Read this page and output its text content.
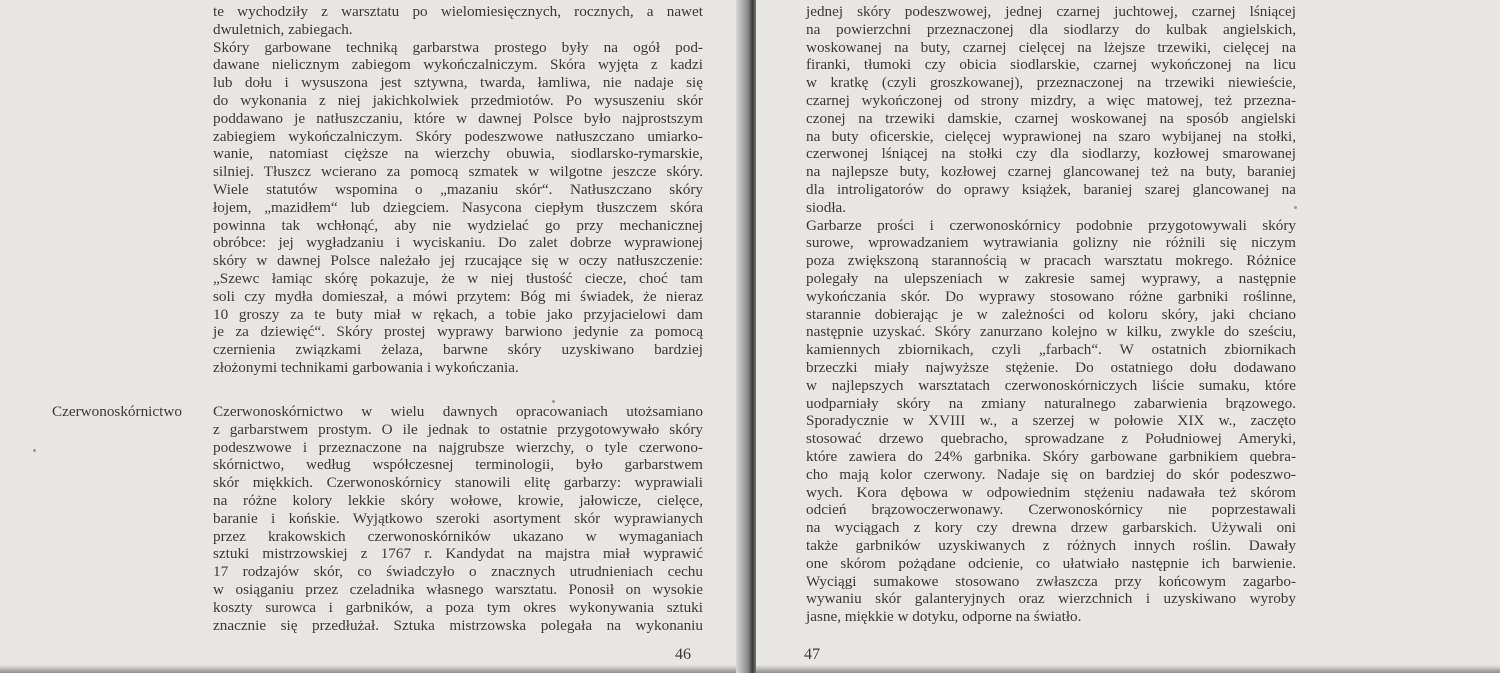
te wychodziły z warsztatu po wielomiesięcznych, rocznych, a nawet
dwuletnich, zabiegach.
Skóry garbowane techniką garbarstwa prostego były na ogół pod-
dawane nielicznym zabiegom wykończalniczym. Skóra wyjęta z kadzi
lub dołu i wysuszona jest sztywna, twarda, łamliwa, nie nadaje się
do wykonania z niej jakichkolwiek przedmiotów. Po wysuszeniu skór
poddawano je natłuszczaniu, które w dawnej Polsce było najprostszym
zabiegiem wykończalniczym. Skóry podeszwowe natłuszczano umiarko-
wanie, natomiast cięższe na wierzchy obuwia, siodlarsko-rymarskie,
silniej. Tłuszcz wcierano za pomocą szmatek w wilgotne jeszcze skóry.
Wiele statutów wspomina o „mazaniu skór“. Natłuszczano skóry
łojem, „mazidłem“ lub dziegciem. Nasycona ciepłym tłuszczem skóra
powinna tak wchłonąć, aby nie wydzielać go przy mechanicznej
obróbce: jej wygładzaniu i wyciskaniu. Do zalet dobrze wyprawionej
skóry w dawnej Polsce należało jej rzucające się w oczy natłuszczenie:
„Szewc łamiąc skórę pokazuje, że w niej tłustość ciecze, choć tam
soli czy mydła domieszał, a mówi przytem: Bóg mi świadek, że nieraz
10 groszy za te buty miał w rękach, a tobie jako przyjacielowi dam
je za dziewięć“. Skóry prostej wyprawy barwiono jedynie za pomocą
czernienia związkami żelaza, barwne skóry uzyskiwano bardziej
złożonymi technikami garbowania i wykończania.
Czerwonoskórnictwo Czerwonoskórnictwo w wielu dawnych opracowaniach utożsamiano
z garbarstwem prostym. O ile jednak to ostatnie przygotowywało skóry
podeszwowe i przeznaczone na najgrubsze wierzchy, o tyle czerwono-
skórnictwo, według współczesnej terminologii, było garbarstwem
skór miękkich. Czerwonoskórnicy stanowili elitę garbarzy: wyprawiali
na różne kolory lekkie skóry wołowe, krowie, jałowicze, cielęce,
baranie i końskie. Wyjątkowo szeroki asortyment skór wyprawianych
przez krakowskich czerwonoskórników ukazano w wymaganiach
sztuki mistrzowskiej z 1767 r. Kandydat na majstra miał wyprawić
17 rodzajów skór, co świadczyło o znacznych utrudnieniach cechu
w osiąganiu przez czeladnika własnego warsztatu. Ponosił on wysokie
koszty surowca i garbników, a poza tym okres wykonywania sztuki
znacznie się przedłużał. Sztuka mistrzowska polegała na wykonaniu
46
jednej skóry podeszwowej, jednej czarnej juchtowej, czarnej lśniącej
na powierzchni przeznaczonej dla siodlarzy do kulbak angielskich,
woskowanej na buty, czarnej cielęcej na lżejsze trzewiki, cielęcej na
firanki, tłumoki czy obicia siodlarskie, czarnej wykończonej na licu
w kratkę (czyli groszkowanej), przeznaczonej na trzewiki niewieście,
czarnej wykończonej od strony mizdry, a więc matowej, też przezna-
czonej na trzewiki damskie, czarnej woskowanej na sposób angielski
na buty oficerskie, cielęcej wyprawionej na szaro wybijanej na stołki,
czerwonej lśniącej na stołki czy dla siodlarzy, kozłowej smarowanej
na najlepsze buty, kozłowej czarnej glancowanej też na buty, baraniej
dla introligatorów do oprawy książek, baraniej szarej glancowanej na
siodła.
Garbarze prości i czerwonoskórnicy podobnie przygotowywali skóry
surowe, wprowadzaniem wytrawiania golizny nie różnili się niczym
poza zwiększoną starannością w pracach warsztatu mokrego. Różnice
polegały na ulepszeniach w zakresie samej wyprawy, a następnie
wykończania skór. Do wyprawy stosowano różne garbniki roślinne,
starannie dobierając je w zależności od koloru skóry, jaki chciano
następnie uzyskać. Skóry zanurzano kolejno w kilku, zwykle do sześciu,
kamiennych zbiornikach, czyli „farbach“. W ostatnich zbiornikach
brzeczki miały najwyższe stężenie. Do ostatniego dołu dodawano
w najlepszych warsztatach czerwonoskórniczych liście sumaku, które
uodparniały skóry na zmiany naturalnego zabarwienia brązowego.
Sporadycznie w XVIII w., a szerzej w połowie XIX w., zaczęto
stosować drzewo quebracho, sprowadzane z Południowej Ameryki,
które zawiera do 24% garbnika. Skóry garbowane garbnikiem quebra-
cho mają kolor czerwony. Nadaje się on bardziej do skór podeszwo-
wych. Kora dębowa w odpowiednim stężeniu nadawała też skórom
odcień brązowoczerwonawy. Czerwonoskórnicy nie poprzestawali
na wyciągach z kory czy drewna drzew garbarskich. Używali oni
także garbników uzyskiwanych z różnych innych roślin. Dawały
one skórom pożądane odcienie, co ułatwiało następnie ich barwienie.
Wyciągi sumakowe stosowano zwłaszcza przy końcowym zagarbo-
wywaniu skór galanteryjnych oraz wierzchnich i uzyskiwano wyroby
jasne, miękkie w dotyku, odporne na światło.
47
